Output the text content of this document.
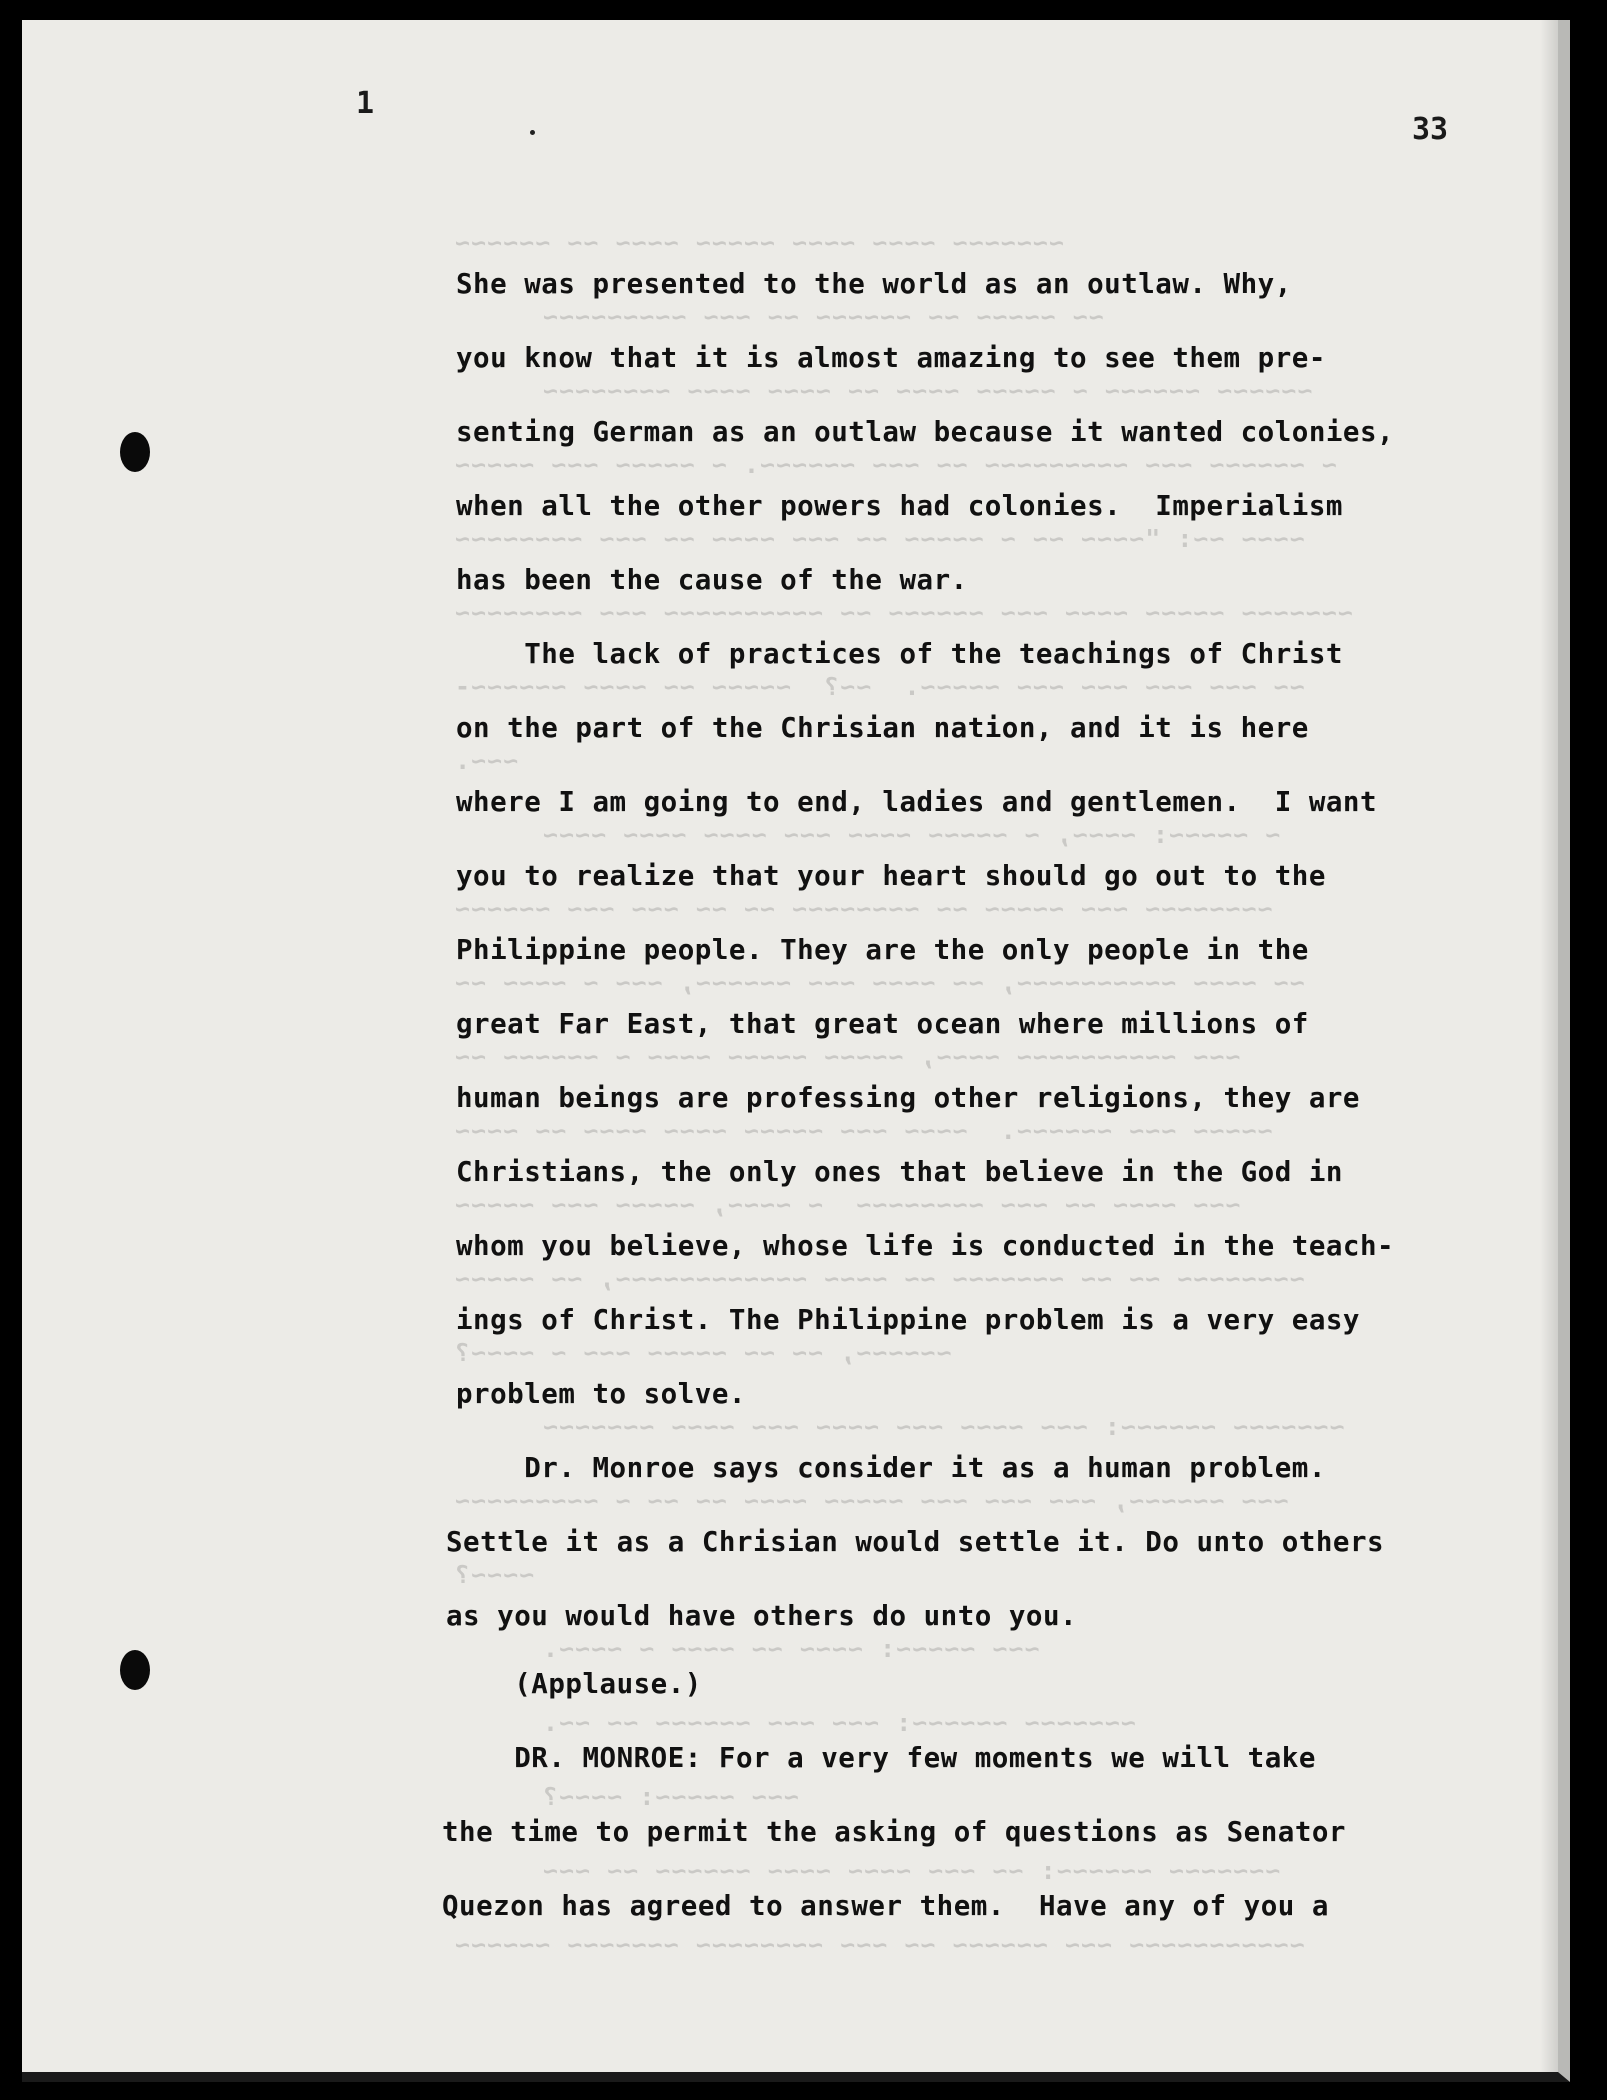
~~~~~~~ ~~~~ ~~~~ ~~~~~ ~~~~ ~~ ~~~~~~
~~ ~~~~~ ~~ ~~~~~~ ~~ ~~~ ~~~~~~~~~
~~~~~~ ~~~~~~ ~ ~~~~~ ~~~~ ~~ ~~~~ ~~~~ ~~~~~~~~
~ ~~~~~~ ~~~ ~~~~~~~~~ ~~ ~~~ ~~~~~~. ~ ~~~~~ ~~~ ~~~~~
~~~~ ~~: "~~~~ ~~ ~ ~~~~~ ~~ ~~~ ~~~~ ~~ ~~~ ~~~~~~~~
~~~~~~~ ~~~~~ ~~~~ ~~~ ~~~~~~ ~~ ~~~~~~~~~~ ~~~ ~~~~~~~~
~~ ~~~ ~~~ ~~~ ~~~ ~~~~~.  ~~?  ~~~~~ ~~ ~~~~ ~~~~~~-
~~~.
~ ~~~~~: ~~~~, ~ ~~~~~ ~~~~ ~~~ ~~~~ ~~~~ ~~~~
~~~~~~~~ ~~~ ~~~~~ ~~ ~~~~~~~~ ~~ ~~ ~~~ ~~~ ~~~~~~
~~ ~~~~ ~~~~~~~~~~, ~~ ~~~~ ~~~ ~~~~~~, ~~~ ~ ~~~~ ~~
~~~ ~~~~~~~~~~ ~~~~, ~~~~~ ~~~~~ ~~~~ ~ ~~~~~~ ~~
~~~~~ ~~~ ~~~~~~.  ~~~~ ~~~ ~~~~~ ~~~~ ~~~~ ~~ ~~~~
~~~ ~~~~ ~~ ~~~ ~~~~~~~~  ~ ~~~~, ~~~~~ ~~~ ~~~~~
~~~~~~~~ ~~ ~~ ~~~~~~~ ~~ ~~~~ ~~~~~~~~~~~~, ~~ ~~~~~
~~~~~~, ~~ ~~ ~~~~~ ~~~ ~ ~~~~?
~~~~~~~ ~~~~~~: ~~~ ~~~~ ~~~ ~~~~ ~~~ ~~~~ ~~~~~~~
~~~ ~~~~~~, ~~~ ~~~ ~~~ ~~~~~ ~~~~ ~~ ~~ ~ ~~~~~~~~~
~~~~?
~~~ ~~~~~: ~~~~ ~~ ~~~~ ~ ~~~~.
~~~~~~~ ~~~~~~: ~~~ ~~~ ~~~~~~ ~~ ~~.
~~~ ~~~~~: ~~~~?
~~~~~~~ ~~~~~~: ~~ ~~~ ~~~~ ~~~~ ~~~~~~ ~~ ~~~
~~~~~~~~~~~ ~~~ ~~~~~~ ~~ ~~~ ~~~~~~~~ ~~~~~~~ ~~~~~~
1
33
She was presented to the world as an outlaw. Why,
you know that it is almost amazing to see them pre-
senting German as an outlaw because it wanted colonies,
when all the other powers had colonies.  Imperialism
has been the cause of the war.
The lack of practices of the teachings of Christ
on the part of the Chrisian nation, and it is here
where I am going to end, ladies and gentlemen.  I want
you to realize that your heart should go out to the
Philippine people. They are the only people in the
great Far East, that great ocean where millions of
human beings are professing other religions, they are
Christians, the only ones that believe in the God in
whom you believe, whose life is conducted in the teach-
ings of Christ. The Philippine problem is a very easy
problem to solve.
Dr. Monroe says consider it as a human problem.
Settle it as a Chrisian would settle it. Do unto others
as you would have others do unto you.
(Applause.)
DR. MONROE: For a very few moments we will take
the time to permit the asking of questions as Senator
Quezon has agreed to answer them.  Have any of you a
